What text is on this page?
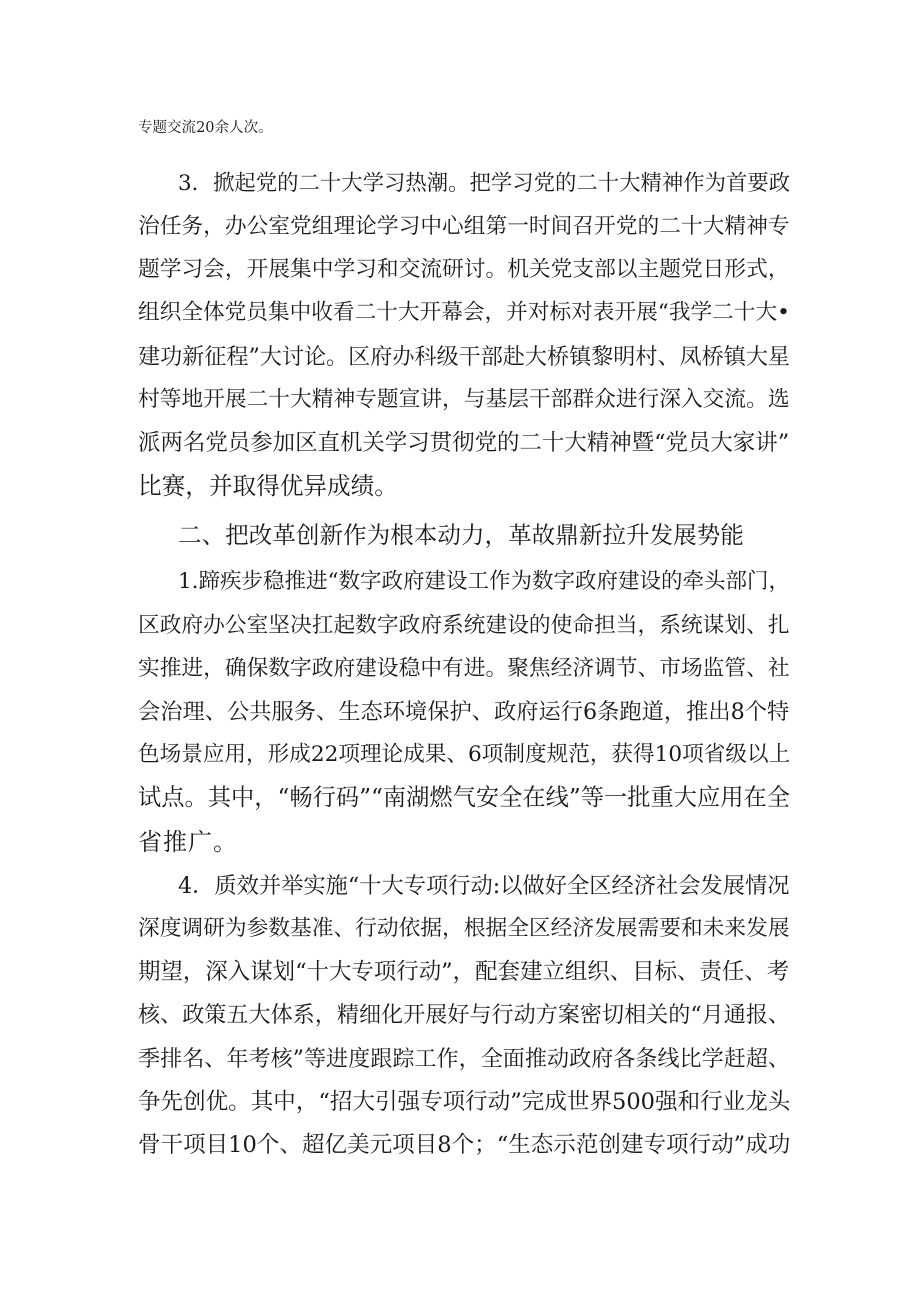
专题交流20余人次。
3．掀起党的二十大学习热潮。把学习党的二十大精神作为首要政
治任务，办公室党组理论学习中心组第一时间召开党的二十大精神专
题学习会，开展集中学习和交流研讨。机关党支部以主题党日形式，
组织全体党员集中收看二十大开幕会，并对标对表开展“我学二十大•
建功新征程”大讨论。区府办科级干部赴大桥镇黎明村、凤桥镇大星
村等地开展二十大精神专题宣讲，与基层干部群众进行深入交流。选
派两名党员参加区直机关学习贯彻党的二十大精神暨“党员大家讲”
比赛，并取得优异成绩。
二、把改革创新作为根本动力，革故鼎新拉升发展势能
1.蹄疾步稳推进“数字政府建设工作为数字政府建设的牵头部门，
区政府办公室坚决扛起数字政府系统建设的使命担当，系统谋划、扎
实推进，确保数字政府建设稳中有进。聚焦经济调节、市场监管、社
会治理、公共服务、生态环境保护、政府运行6条跑道，推出8个特
色场景应用，形成22项理论成果、6项制度规范，获得10项省级以上
试点。其中，“畅行码”“南湖燃气安全在线”等一批重大应用在全
省推广。
4．质效并举实施“十大专项行动:以做好全区经济社会发展情况
深度调研为参数基准、行动依据，根据全区经济发展需要和未来发展
期望，深入谋划“十大专项行动”，配套建立组织、目标、责任、考
核、政策五大体系，精细化开展好与行动方案密切相关的“月通报、
季排名、年考核”等进度跟踪工作，全面推动政府各条线比学赶超、
争先创优。其中，“招大引强专项行动”完成世界500强和行业龙头
骨干项目10个、超亿美元项目8个；“生态示范创建专项行动”成功
